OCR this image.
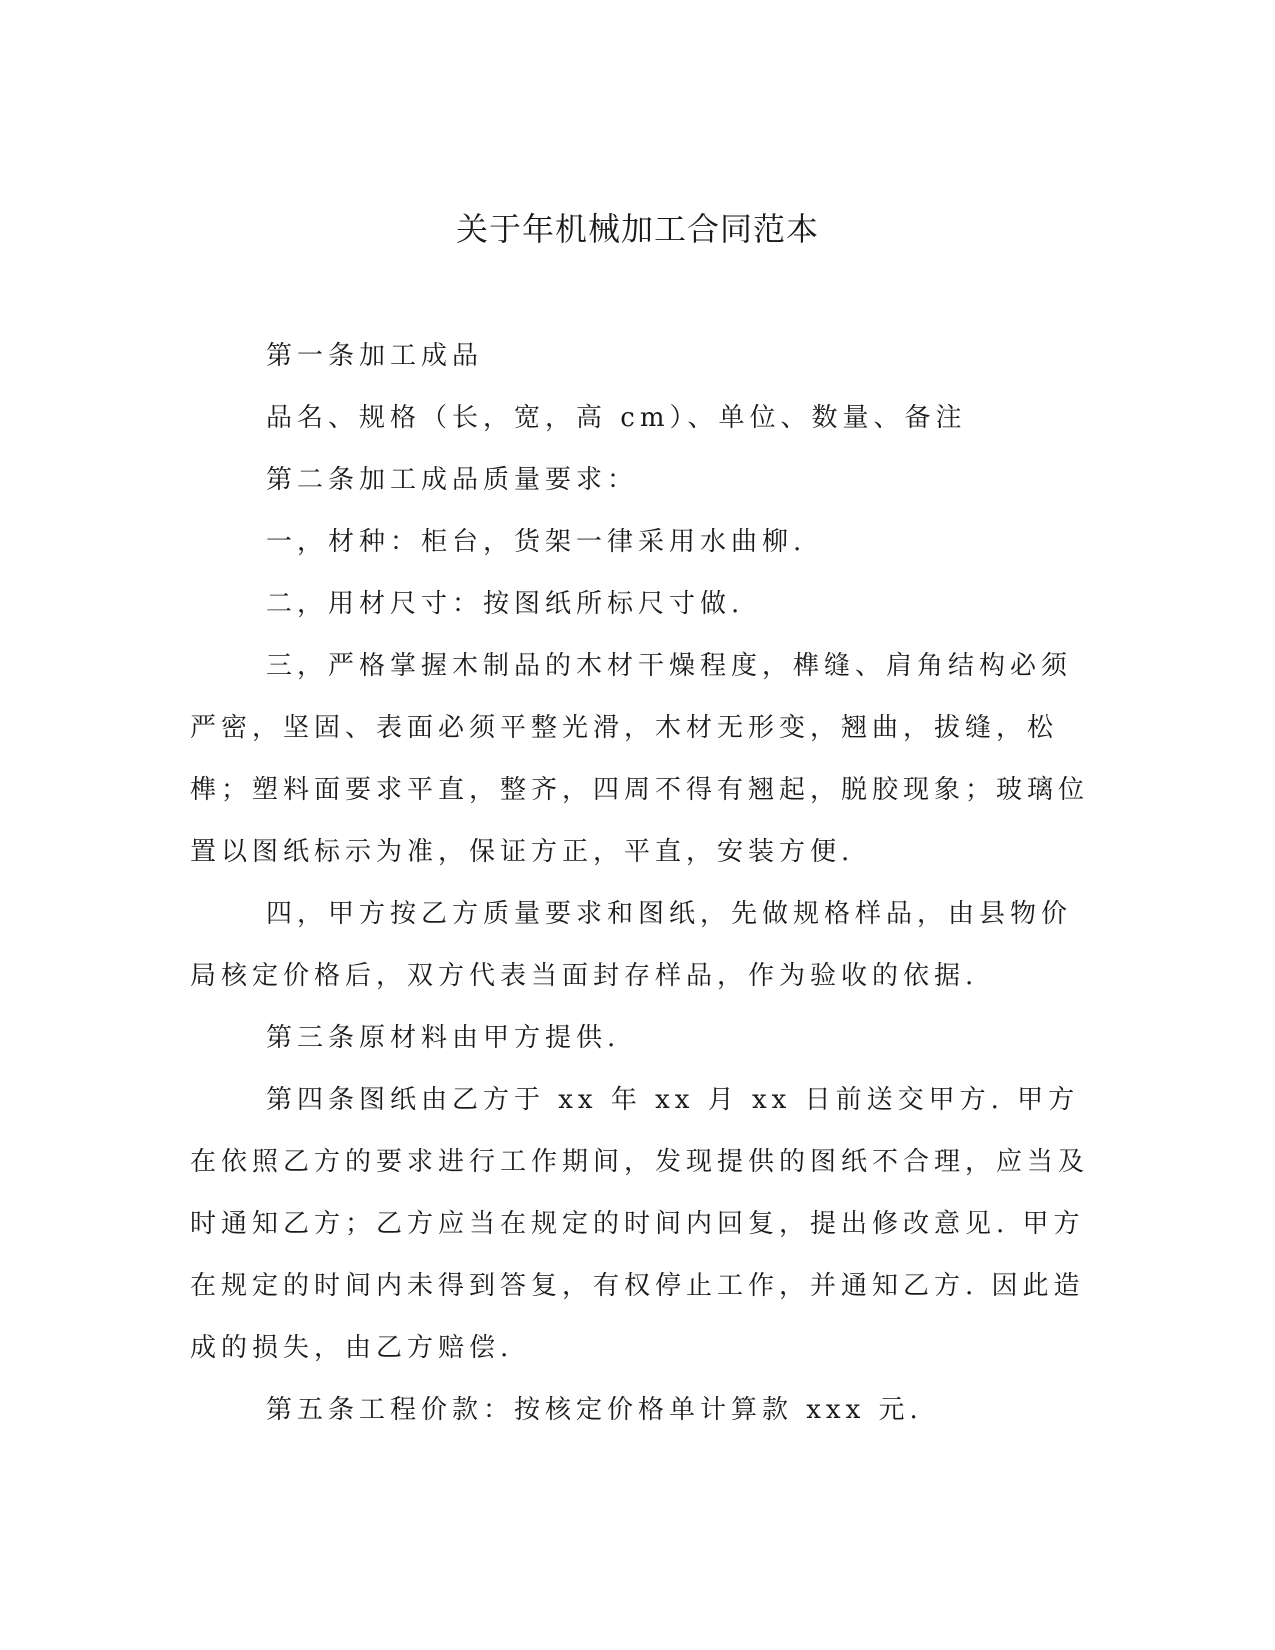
关于年机械加工合同范本

第一条加工成品

品名、规格（长，宽，高 cm）、单位、数量、备注

第二条加工成品质量要求：

一，材种：柜台，货架一律采用水曲柳.

二，用材尺寸：按图纸所标尺寸做.

三，严格掌握木制品的木材干燥程度，榫缝、肩角结构必须严密，坚固、表面必须平整光滑，木材无形变，翘曲，拔缝，松榫；塑料面要求平直，整齐，四周不得有翘起，脱胶现象；玻璃位置以图纸标示为准，保证方正，平直，安装方便.

四，甲方按乙方质量要求和图纸，先做规格样品，由县物价局核定价格后，双方代表当面封存样品，作为验收的依据.

第三条原材料由甲方提供.

第四条图纸由乙方于 xx 年 xx 月 xx 日前送交甲方. 甲方在依照乙方的要求进行工作期间，发现提供的图纸不合理，应当及时通知乙方；乙方应当在规定的时间内回复，提出修改意见. 甲方在规定的时间内未得到答复，有权停止工作，并通知乙方. 因此造成的损失，由乙方赔偿.

第五条工程价款：按核定价格单计算款 xxx 元.
